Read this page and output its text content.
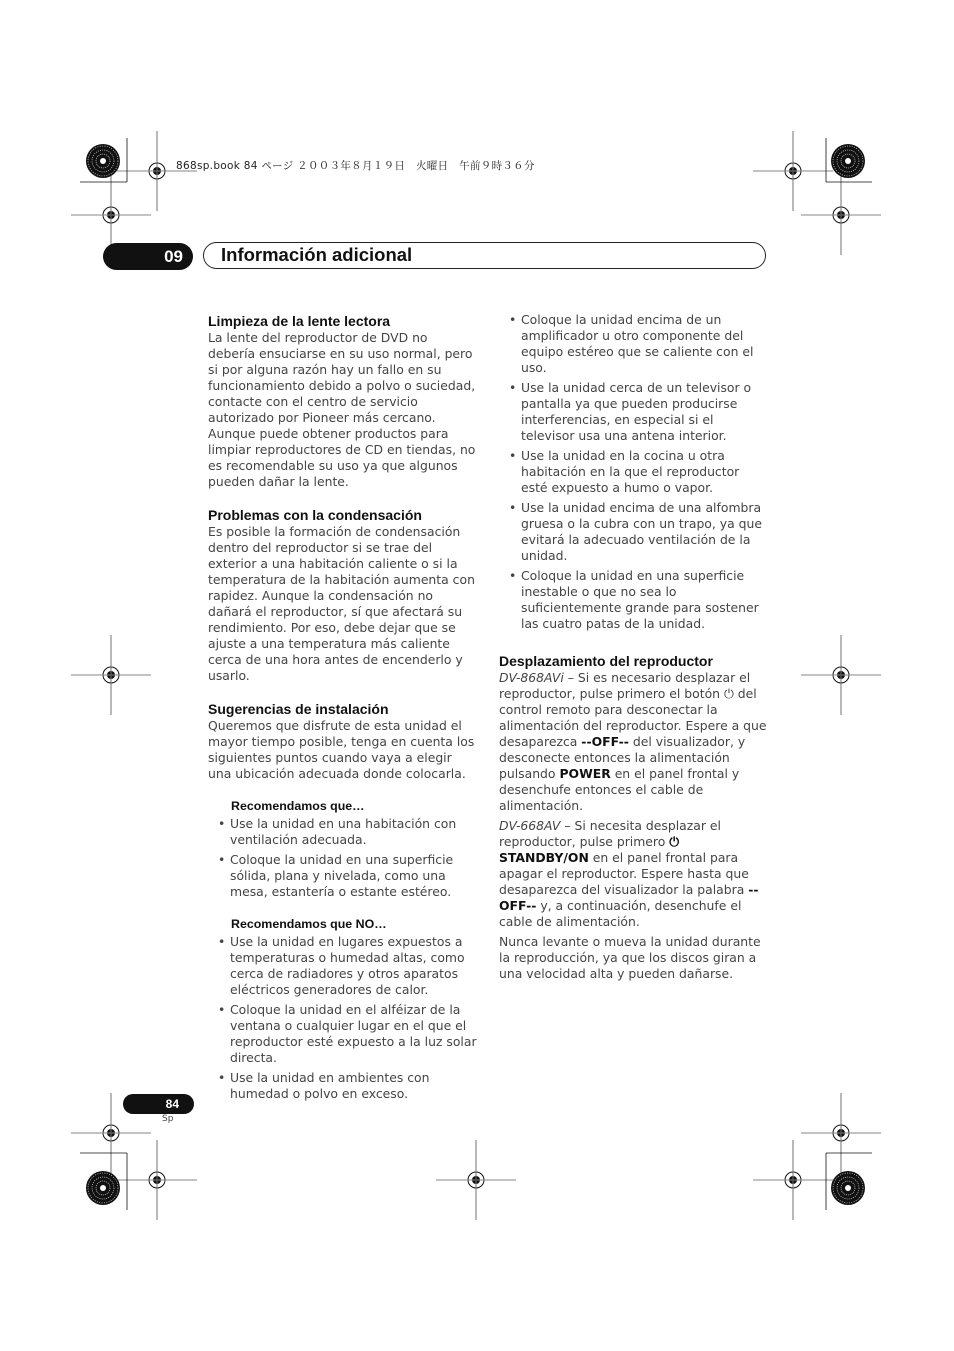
868sp.book 84 ページ ２００３年８月１９日　火曜日　午前９時３６分
09	Información adicional
Limpieza de la lente lectora

La lente del reproductor de DVD no debería ensuciarse en su uso normal, pero si por alguna razón hay un fallo en su funcionamiento debido a polvo o suciedad, contacte con el centro de servicio autorizado por Pioneer más cercano. Aunque puede obtener productos para limpiar reproductores de CD en tiendas, no es recomendable su uso ya que algunos pueden dañar la lente.

Problemas con la condensación

Es posible la formación de condensación dentro del reproductor si se trae del exterior a una habitación caliente o si la temperatura de la habitación aumenta con rapidez. Aunque la condensación no dañará el reproductor, sí que afectará su rendimiento. Por eso, debe dejar que se ajuste a una temperatura más caliente cerca de una hora antes de encenderlo y usarlo.

Sugerencias de instalación

Queremos que disfrute de esta unidad el mayor tiempo posible, tenga en cuenta los siguientes puntos cuando vaya a elegir una ubicación adecuada donde colocarla.

Recomendamos que…
• Use la unidad en una habitación con ventilación adecuada.
• Coloque la unidad en una superficie sólida, plana y nivelada, como una mesa, estantería o estante estéreo.
Recomendamos que NO…
• Use la unidad en lugares expuestos a temperaturas o humedad altas, como cerca de radiadores y otros aparatos eléctricos generadores de calor.
• Coloque la unidad en el alféizar de la ventana o cualquier lugar en el que el reproductor esté expuesto a la luz solar directa.
• Use la unidad en ambientes con humedad o polvo en exceso.
• Coloque la unidad encima de un amplificador u otro componente del equipo estéreo que se caliente con el uso.
• Use la unidad cerca de un televisor o pantalla ya que pueden producirse interferencias, en especial si el televisor usa una antena interior.
• Use la unidad en la cocina u otra habitación en la que el reproductor esté expuesto a humo o vapor.
• Use la unidad encima de una alfombra gruesa o la cubra con un trapo, ya que evitará la adecuado ventilación de la unidad.
• Coloque la unidad en una superficie inestable o que no sea lo suficientemente grande para sostener las cuatro patas de la unidad.
Desplazamiento del reproductor

DV-868AVi – Si es necesario desplazar el reproductor, pulse primero el botón ⏻ del control remoto para desconectar la alimentación del reproductor. Espere a que desaparezca --OFF-- del visualizador, y desconecte entonces la alimentación pulsando POWER en el panel frontal y desenchufe entonces el cable de alimentación.

DV-668AV – Si necesita desplazar el reproductor, pulse primero ⏻ STANDBY/ON en el panel frontal para apagar el reproductor. Espere hasta que desaparezca del visualizador la palabra --OFF-- y, a continuación, desenchufe el cable de alimentación.

Nunca levante o mueva la unidad durante la reproducción, ya que los discos giran a una velocidad alta y pueden dañarse.

84
Sp
